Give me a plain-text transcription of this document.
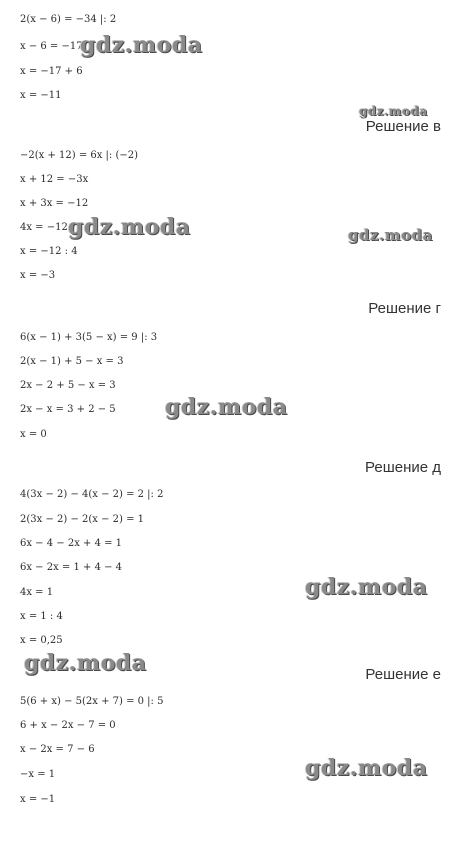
2(x − 6) = −34 |: 2
x − 6 = −17
x = −17 + 6
x = −11
gdz.moda
gdz.moda
Решение в
−2(x + 12) = 6x |: (−2)
x + 12 = −3x
x + 3x = −12
4x = −12
x = −12 : 4
x = −3
gdz.moda	gdz.moda
Решение г
6(x − 1) + 3(5 − x) = 9 |: 3
2(x − 1) + 5 − x = 3
2x − 2 + 5 − x = 3
2x − x = 3 + 2 − 5
x = 0
gdz.moda
Решение д
4(3x − 2) − 4(x − 2) = 2 |: 2
2(3x − 2) − 2(x − 2) = 1
6x − 4 − 2x + 4 = 1
6x − 2x = 1 + 4 − 4
4x = 1
x = 1 : 4
x = 0,25
gdz.moda
gdz.moda	Решение е
5(6 + x) − 5(2x + 7) = 0 |: 5
6 + x − 2x − 7 = 0
x − 2x = 7 − 6
−x = 1
x = −1
gdz.moda
